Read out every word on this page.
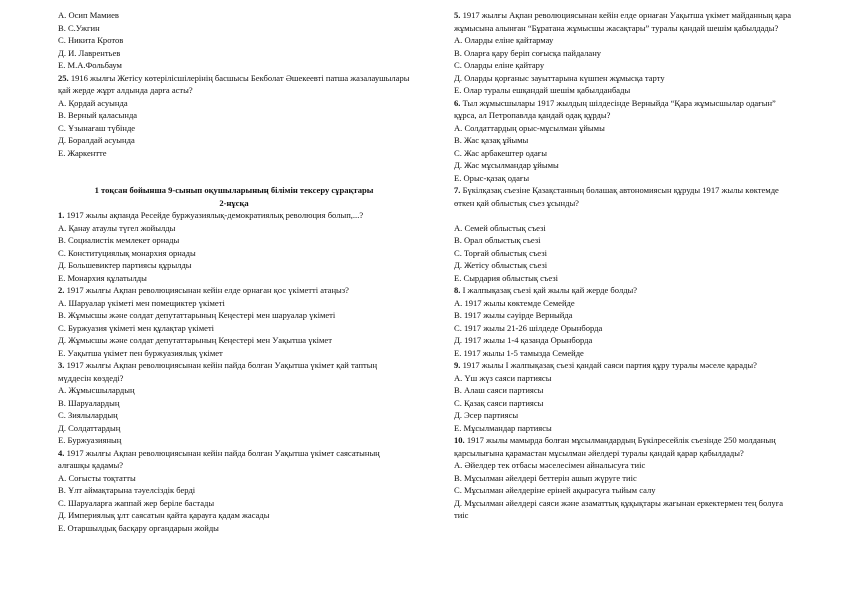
A. Осип Мамиев
B. С.Ужгин
C. Никита Кротов
Д. И. Лаврентьев
Е. М.А.Фольбаум
25. 1916 жылғы Жетісу көтерілісшілерінің басшысы Бекболат Әшекеевті патша жазалаушылары қай жерде жұрт алдында дарға асты?
А. Қордай асуында
В. Верный қаласында
С. Ұзынағаш түбінде
Д. Боралдай асуында
Е. Жаркентте
1 тоқсан бойынша 9-сынып оқушыларының білімін тексеру сұрақтары
2-нұсқа
1. 1917 жылы ақпанда Ресейде буржуазиялық-демократиялық революция болып,...?
А. Қанау атаулы түгел жойылды
В. Социалистік мемлекет орнады
С. Конституциялық монархия орнады
Д. Большевиктер партиясы құрылды
Е. Монархия құлатылды
2. 1917 жылғы Ақпан революциясынан кейін елде орнаған қос үкіметті атаңыз?
А. Шаруалар үкіметі мен помещиктер үкіметі
В. Жұмысшы және солдат депутаттарының Кеңестері мен шаруалар үкіметі
С. Буржуазия үкіметі мен құлақтар үкіметі
Д. Жұмысшы және солдат депутаттарының Кеңестері мен Уақытша үкімет
Е. Уақытша үкімет пен буржуазиялық үкімет
3. 1917 жылғы Ақпан революциясынан кейін пайда болған Уақытша үкімет қай таптың мүддесін көздеді?
А. Жұмысшылардың
В. Шаруалардың
С. Зиялылардың
Д. Солдаттардың
Е. Буржуазияның
4. 1917 жылғы Ақпан революциясынан кейін пайда болған Уақытша үкімет саясатының алғашқы қадамы?
А. Соғысты тоқтатты
В. Ұлт аймақтарына тәуелсіздік берді
С. Шаруаларға жаппай жер беріле бастады
Д. Империялық ұлт саясатын қайта қарауға қадам жасады
Е. Отаршылдық басқару органдарын жойды
5. 1917 жылғы Ақпан революциясынан кейін елде орнаған Уақытша үкімет майданның қара жұмысына алынған “Бұратана жұмысшы жасақтары” туралы қандай шешім қабылдады?
А. Оларды еліне қайтармау
В. Оларға қару беріп соғысқа пайдалану
С. Оларды еліне қайтару
Д. Оларды қорғаныс зауыттарына күшпен жұмысқа тарту
Е. Олар туралы ешқандай шешім қабылданбады
6. Тыл жұмысшылары 1917 жылдың шілдесінде Верныйда “Қара жұмысшылар одағын” құрса, ал Петропавлда қандай одақ құрды?
А. Солдаттардың орыс-мұсылман ұйымы
В. Жас қазақ ұйымы
С. Жас арбакештер одағы
Д. Жас мұсылмандар ұйымы
Е. Орыс-қазақ одағы
7. Бүкілқазақ съезіне Қазақстанның болашақ автономиясын құруды 1917 жылы көктемде өткен қай облыстық съез ұсынды?
А. Семей облыстық съезі
В. Орал облыстық съезі
С. Торғай облыстық съезі
Д. Жетісу облыстық съезі
Е. Сырдария облыстық съезі
8. I жалпықазақ съезі қай жылы қай жерде болды?
А. 1917 жылы көктемде Семейде
В. 1917 жылы сәуірде Верныйда
С. 1917 жылы 21-26 шілдеде Орынборда
Д. 1917 жылы 1-4 қазанда Орынборда
Е. 1917 жылы 1-5 тамызда Семейде
9. 1917 жылы I жалпықазақ съезі қандай саяси партия құру туралы мәселе қарады?
А. Үш жүз саяси партиясы
В. Алаш саяси партиясы
С. Қазақ саяси партиясы
Д. Эсер партиясы
Е. Мұсылмандар партиясы
10. 1917 жылы мамырда болған мұсылмандардың Бүкілресейлік съезінде 250 молданың қарсылығына қарамастан мұсылман әйелдері туралы қандай қарар қабылдады?
А. Әйелдер тек отбасы мәселесімен айналысуға тиіс
В. Мұсылман әйелдері беттерін ашып жүруге тиіс
С. Мұсылман әйелдеріне еріней ақырасуға тыйым салу
Д. Мұсылман әйелдері саяси және азаматтық құқықтары жағынан еркектермен тең болуға тиіс
